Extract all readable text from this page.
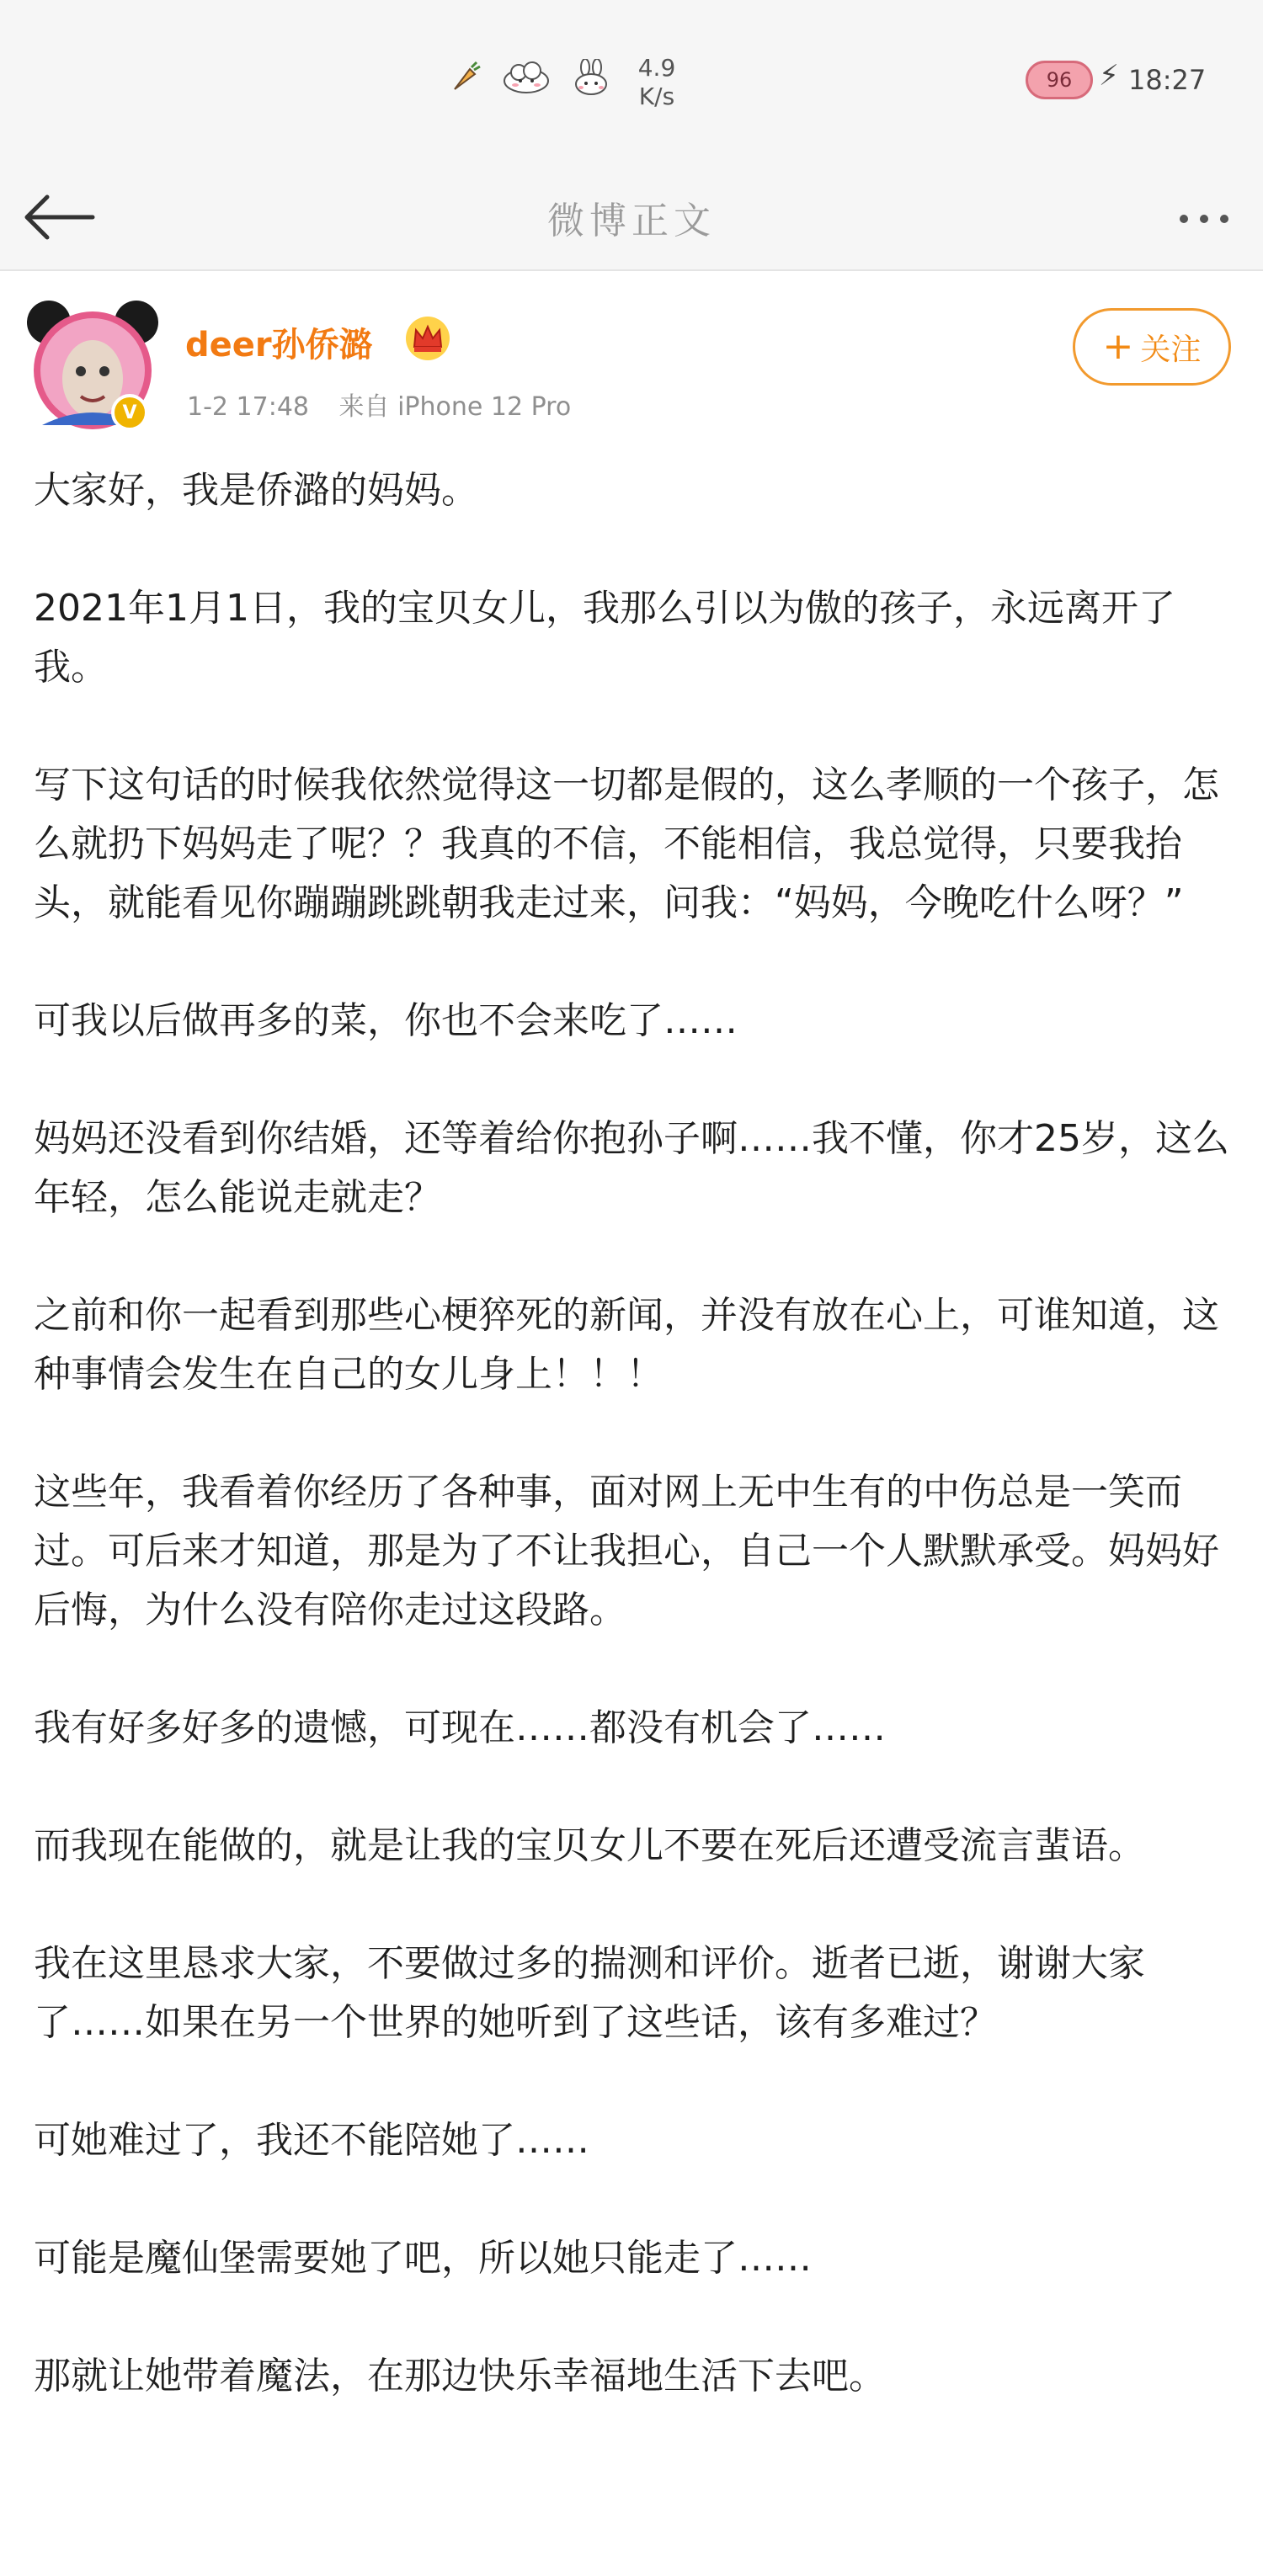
4.9
K/s
96 ⚡ 18:27
微博正文
V
deer孙侨潞
1-2 17:48 来自 iPhone 12 Pro
+ 关注

大家好，我是侨潞的妈妈。

2021年1月1日，我的宝贝女儿，我那么引以为傲的孩子，永远离开了我。

写下这句话的时候我依然觉得这一切都是假的，这么孝顺的一个孩子，怎么就扔下妈妈走了呢？？我真的不信，不能相信，我总觉得，只要我抬头，就能看见你蹦蹦跳跳朝我走过来，问我：“妈妈，今晚吃什么呀？”

可我以后做再多的菜，你也不会来吃了……

妈妈还没看到你结婚，还等着给你抱孙子啊……我不懂，你才25岁，这么年轻，怎么能说走就走？

之前和你一起看到那些心梗猝死的新闻，并没有放在心上，可谁知道，这种事情会发生在自己的女儿身上！！！

这些年，我看着你经历了各种事，面对网上无中生有的中伤总是一笑而过。可后来才知道，那是为了不让我担心，自己一个人默默承受。妈妈好后悔，为什么没有陪你走过这段路。

我有好多好多的遗憾，可现在……都没有机会了……

而我现在能做的，就是让我的宝贝女儿不要在死后还遭受流言蜚语。

我在这里恳求大家，不要做过多的揣测和评价。逝者已逝，谢谢大家了……如果在另一个世界的她听到了这些话，该有多难过？

可她难过了，我还不能陪她了……

可能是魔仙堡需要她了吧，所以她只能走了……

那就让她带着魔法，在那边快乐幸福地生活下去吧。
